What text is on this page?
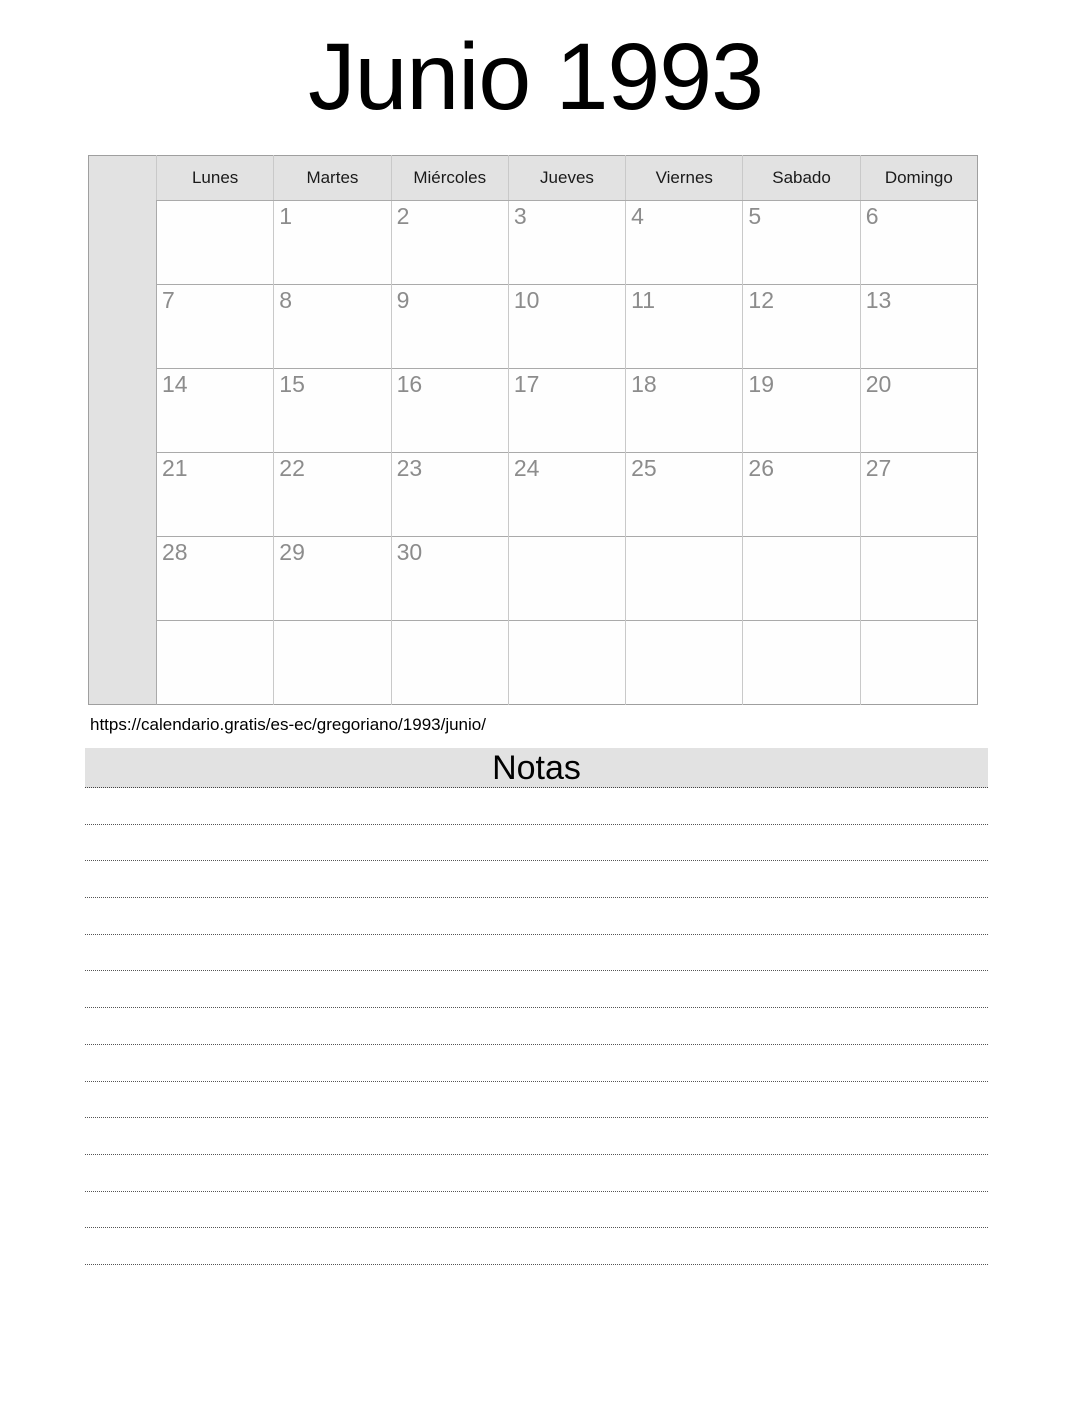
Junio 1993
	Lunes	Martes	Miércoles	Jueves	Viernes	Sabado	Domingo
		1	2	3	4	5	6
	7	8	9	10	11	12	13
	14	15	16	17	18	19	20
	21	22	23	24	25	26	27
	28	29	30				

https://calendario.gratis/es-ec/gregoriano/1993/junio/

Notas
